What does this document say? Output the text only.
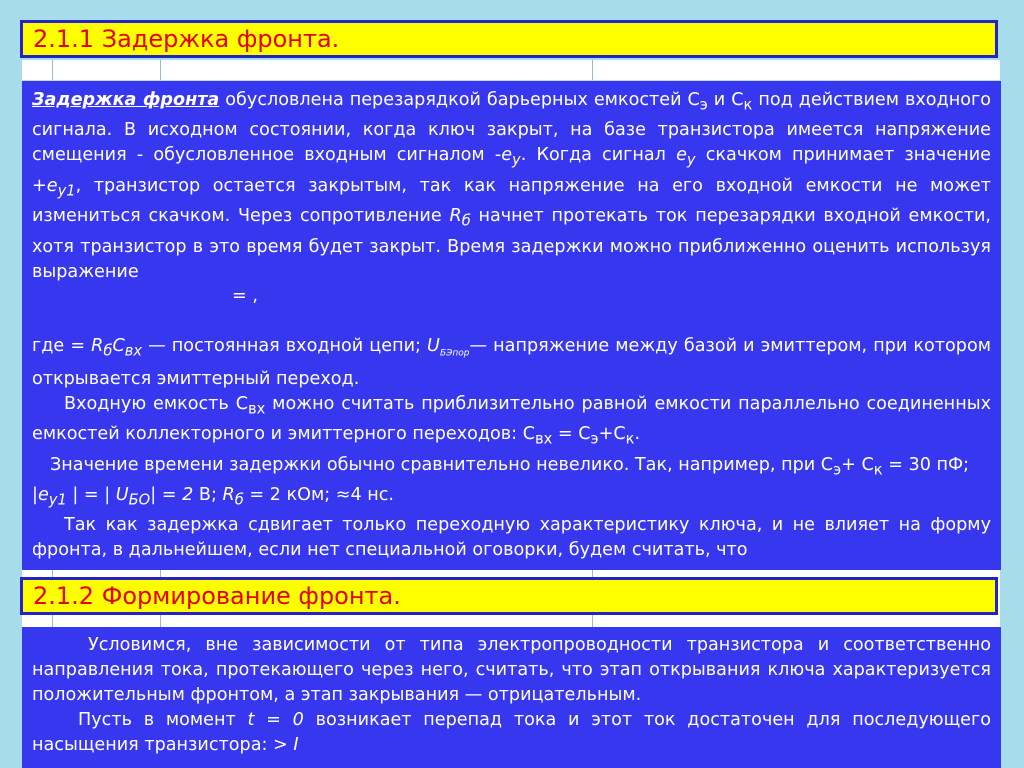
2.1.1 Задержка фронта.

Задержка фронта обусловлена перезарядкой барьерных емкостей $С_э$ и $С_к$ под действием входного сигнала. В исходном состоянии, когда ключ закрыт, на базе транзистора имеется напряжение смещения - обусловленное входным сигналом $-e_у$. Когда сигнал $e_у$ скачком принимает значение $+e_{у1}$, транзистор остается закрытым, так как напряжение на его входной емкости не может измениться скачком. Через сопротивление $R_б$ начнет протекать ток перезарядки входной емкости, хотя транзистор в это время будет закрыт. Время задержки можно приближенно оценить используя выражение

= ,

где = $R_бC_{вх}$ — постоянная входной цепи; $U_{БЭпор}—$ напряжение между базой и эмиттером, при котором открывается эмиттерный переход.

Входную емкость $С_{вх}$ можно считать приблизительно равной емкости параллельно соединенных емкостей коллекторного и эмиттерного переходов: $С_{вх} = С_э+С_к$.

Значение времени задержки обычно сравнительно невелико. Так, например, при $С_э+ С_к = 30$ пФ;

$|e_{у1}$ | = | $U_{БО}| = 2$ В; $R_б = 2$ кОм; ≈4 нс.

Так как задержка сдвигает только переходную характеристику ключа, и не влияет на форму фронта, в дальнейшем, если нет специальной оговорки, будем считать, что

2.1.2 Формирование фронта.

Условимся, вне зависимости от типа электропроводности транзистора и соответственно направления тока, протекающего через него, считать, что этап открывания ключа характеризуется положительным фронтом, а этап закрывания — отрицательным.

Пусть в момент t = 0 возникает перепад тока и этот ток достаточен для последующего насыщения транзистора: > I
